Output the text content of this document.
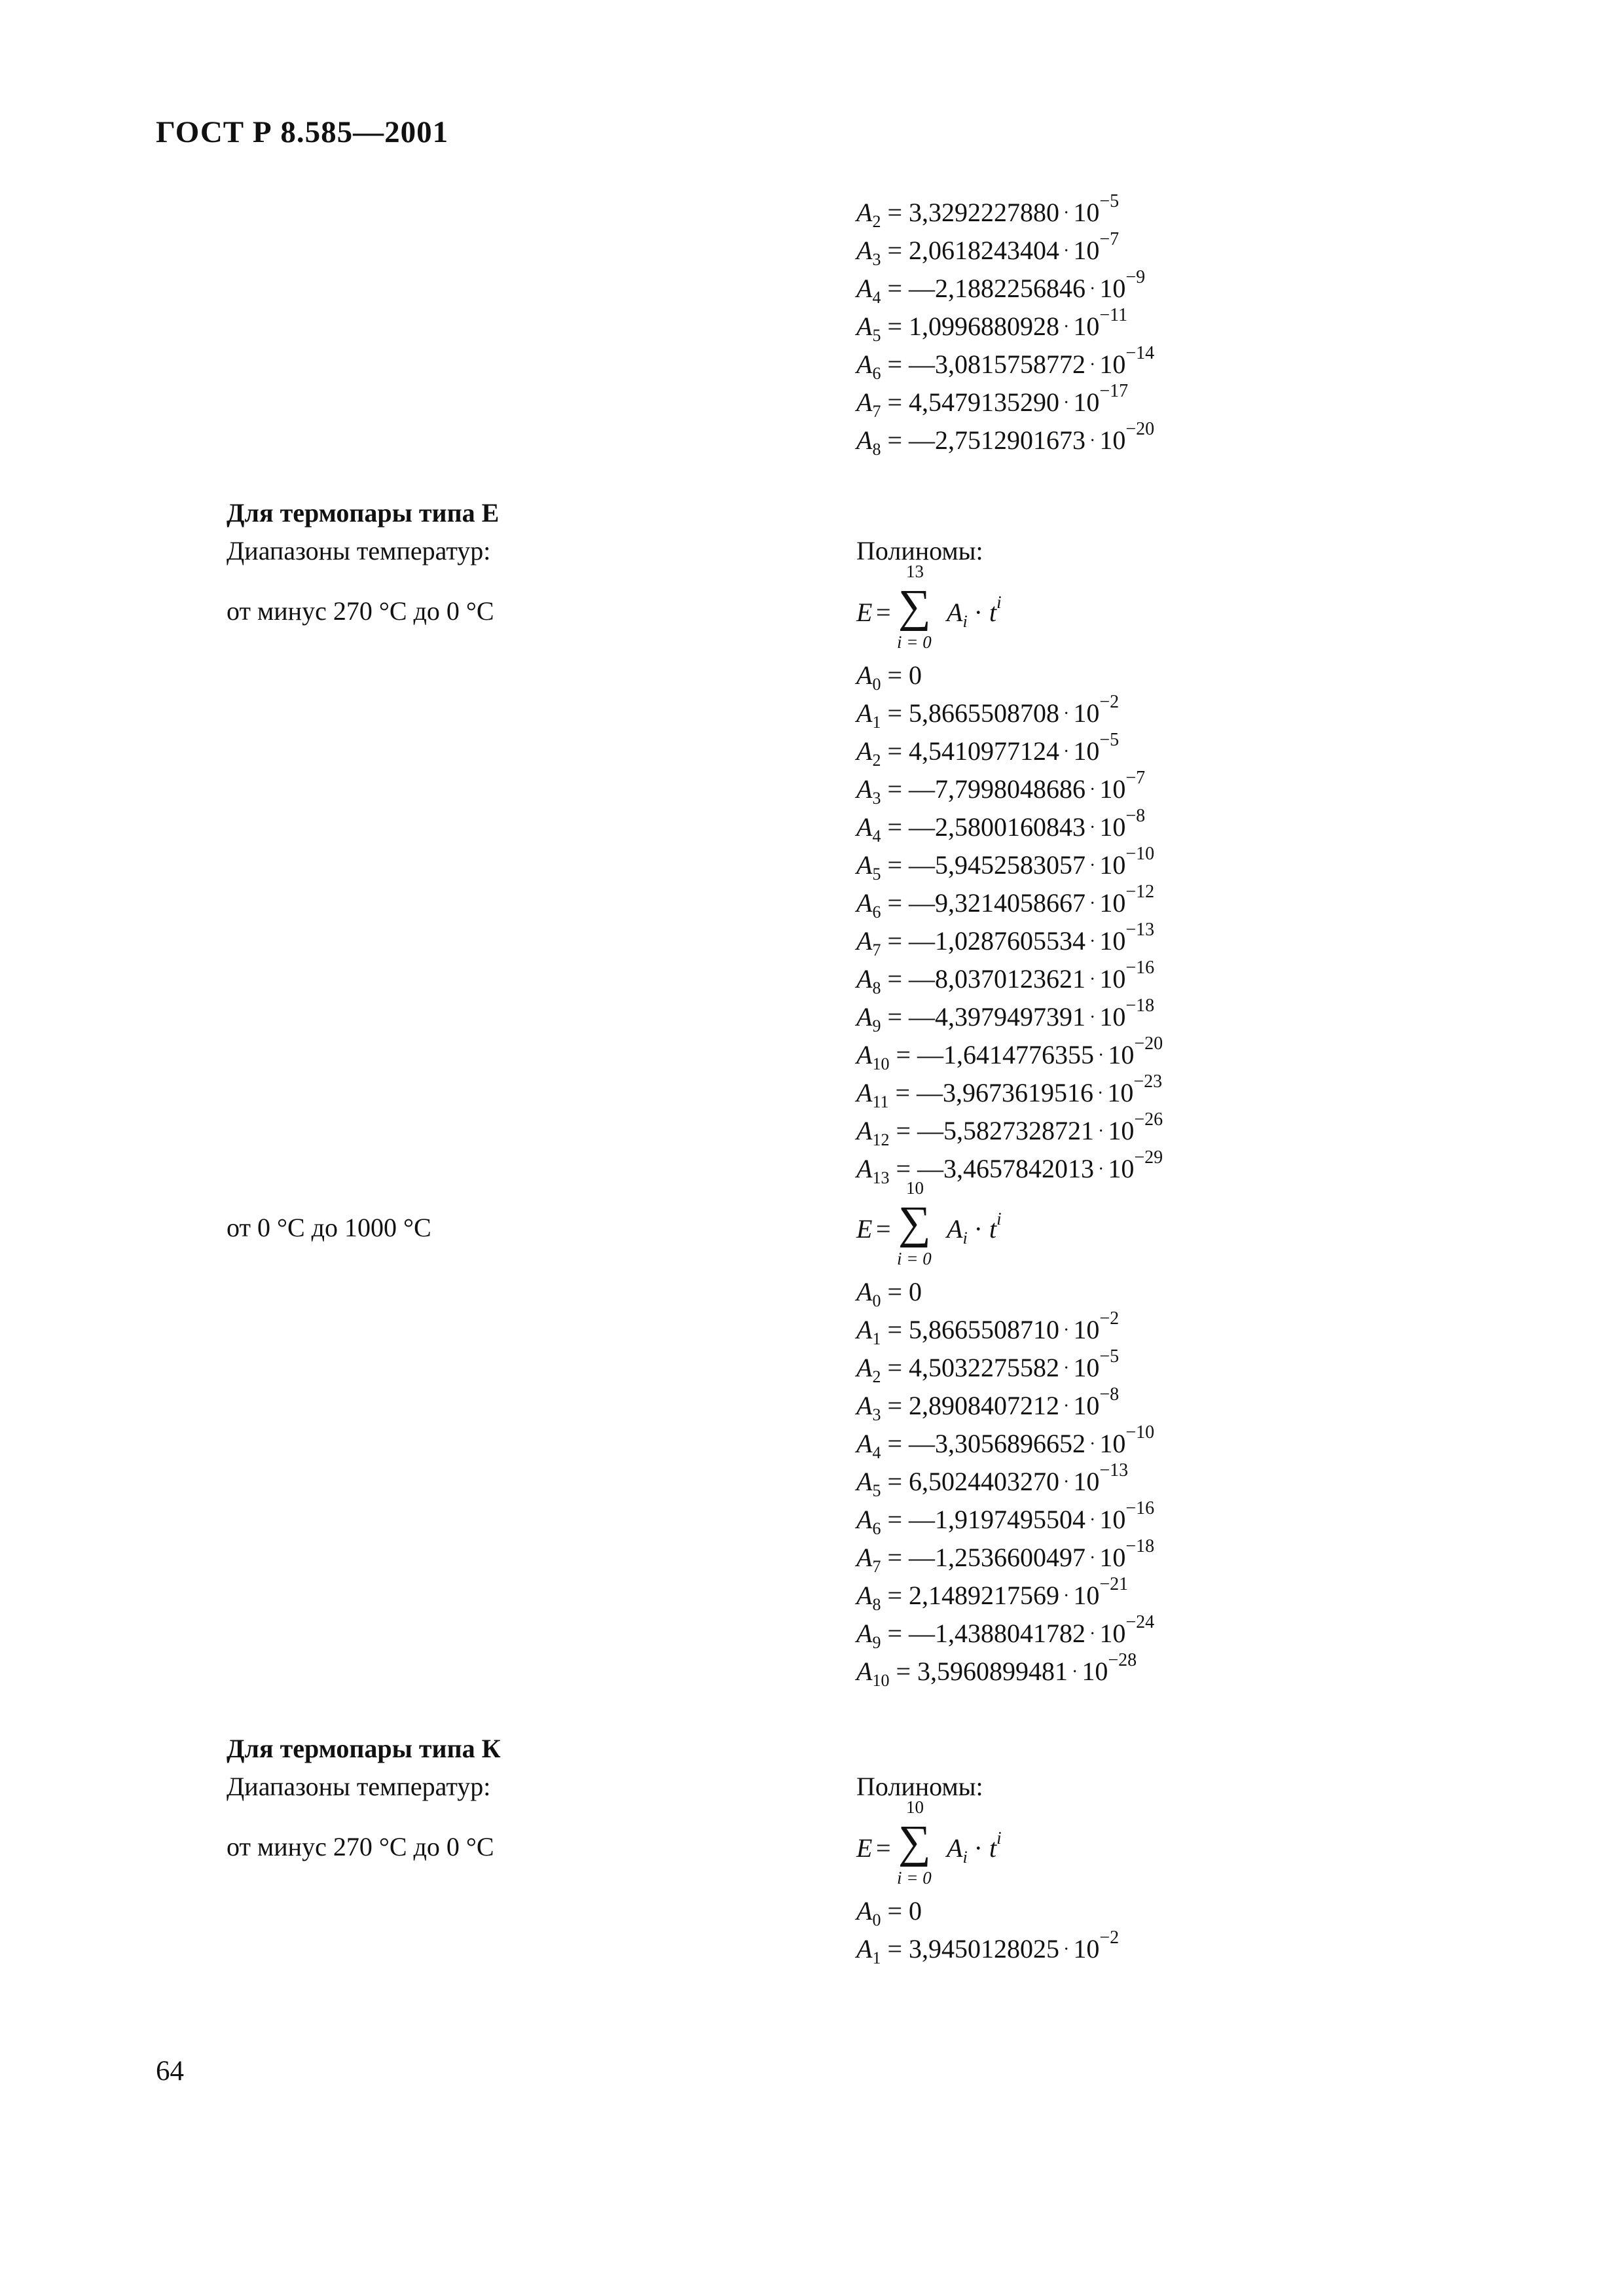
ГОСТ Р 8.585—2001
$A_2 = 3,3292227880 \cdot 10^{-5}$
$A_3 = 2,0618243404 \cdot 10^{-7}$
$A_4$ = —2,1882256846 · $10^{-9}$
$A_5 = 1,0996880928 \cdot 10^{-11}$
$A_6$ = —3,0815758772 · $10^{-14}$
$A_7 = 4,5479135290 \cdot 10^{-17}$
$A_8$ = —2,7512901673 · $10^{-20}$
Для термопары типа Е
Диапазоны температур:	Полиномы:
от минус 270 °С до 0 °С	E =
13
∑
i = 0
$A_i \cdot t^i$
$A_0 = 0$
$A_1 = 5,8665508708 \cdot 10^{-2}$
$A_2 = 4,5410977124 \cdot 10^{-5}$
$A_3$ = —7,7998048686 · $10^{-7}$
$A_4$ = —2,5800160843 · $10^{-8}$
$A_5$ = —5,9452583057 · $10^{-10}$
$A_6$ = —9,3214058667 · $10^{-12}$
$A_7$ = —1,0287605534 · $10^{-13}$
$A_8$ = —8,0370123621 · $10^{-16}$
$A_9$ = —4,3979497391 · $10^{-18}$
$A_{10}$ = —1,6414776355 · $10^{-20}$
$A_{11}$ = —3,9673619516 · $10^{-23}$
$A_{12}$ = —5,5827328721 · $10^{-26}$
$A_{13}$ = —3,4657842013 · $10^{-29}$
от 0 °С до 1000 °С	E =
10
∑
i = 0
$A_i \cdot t^i$
$A_0 = 0$
$A_1 = 5,8665508710 \cdot 10^{-2}$
$A_2 = 4,5032275582 \cdot 10^{-5}$
$A_3 = 2,8908407212 \cdot 10^{-8}$
$A_4$ = —3,3056896652 · $10^{-10}$
$A_5 = 6,5024403270 \cdot 10^{-13}$
$A_6$ = —1,9197495504 · $10^{-16}$
$A_7$ = —1,2536600497 · $10^{-18}$
$A_8 = 2,1489217569 \cdot 10^{-21}$
$A_9$ = —1,4388041782 · $10^{-24}$
$A_{10} = 3,5960899481 \cdot 10^{-28}$
Для термопары типа К
Диапазоны температур:	Полиномы:
от минус 270 °С до 0 °С	E =
10
∑
i = 0
$A_i \cdot t^i$
$A_0 = 0$
$A_1 = 3,9450128025 \cdot 10^{-2}$
64
